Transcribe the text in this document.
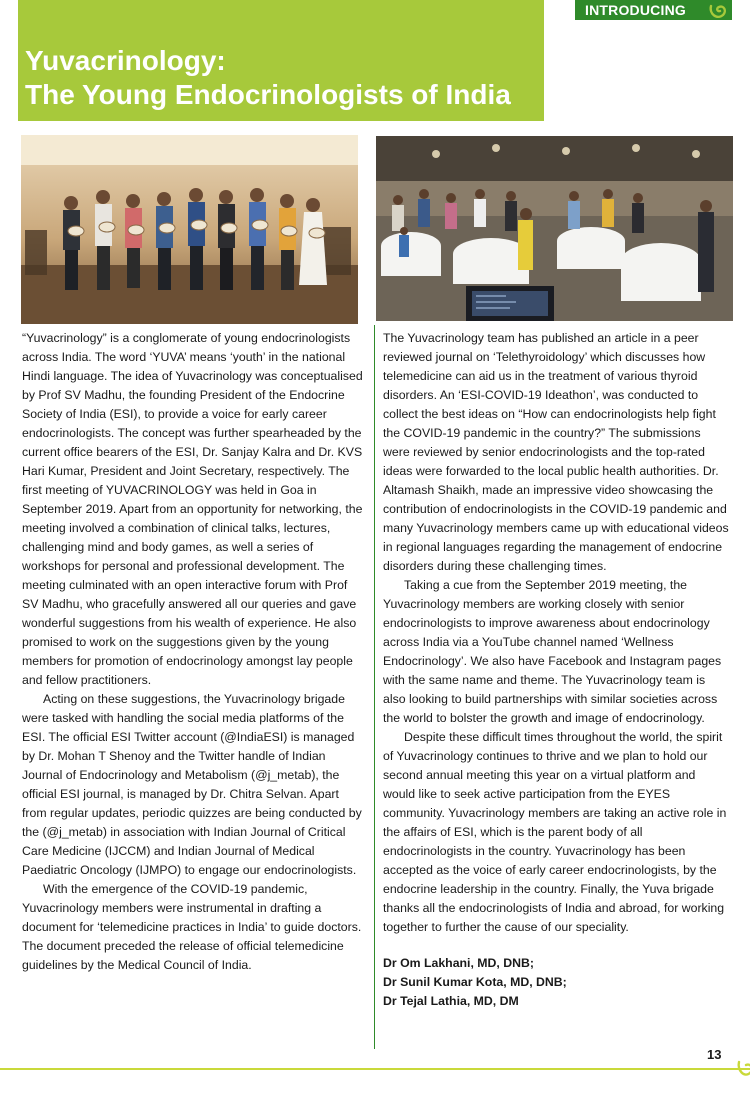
INTRODUCING
Yuvacrinology:
The Young Endocrinologists of India

“Yuvacrinology” is a conglomerate of young endocrinologists across India. The word ‘YUVA’ means ‘youth’ in the national Hindi language. The idea of Yuvacrinology was conceptualised by Prof SV Madhu, the founding President of the Endocrine Society of India (ESI), to provide a voice for early career endocrinologists. The concept was further spearheaded by the current office bearers of the ESI, Dr. Sanjay Kalra and Dr. KVS Hari Kumar, President and Joint Secretary, respectively. The first meeting of YUVACRINOLOGY was held in Goa in September 2019. Apart from an opportunity for networking, the meeting involved a combination of clinical talks, lectures, challenging mind and body games, as well a series of workshops for personal and professional development. The meeting culminated with an open interactive forum with Prof SV Madhu, who gracefully answered all our queries and gave wonderful suggestions from his wealth of experience. He also promised to work on the suggestions given by the young members for promotion of endocrinology amongst lay people and fellow practitioners.

Acting on these suggestions, the Yuvacrinology brigade were tasked with handling the social media platforms of the ESI. The official ESI Twitter account (@IndiaESI) is managed by Dr. Mohan T Shenoy and the Twitter handle of Indian Journal of Endocrinology and Metabolism (@j_metab), the official ESI journal, is managed by Dr. Chitra Selvan. Apart from regular updates, periodic quizzes are being conducted by the (@j_metab) in association with Indian Journal of Critical Care Medicine (IJCCM) and Indian Journal of Medical Paediatric Oncology (IJMPO) to engage our endocrinologists.

With the emergence of the COVID-19 pandemic, Yuvacrinology members were instrumental in drafting a document for ‘telemedicine practices in India’ to guide doctors. The document preceded the release of official telemedicine guidelines by the Medical Council of India.

The Yuvacrinology team has published an article in a peer reviewed journal on ‘Telethyroidology’ which discusses how telemedicine can aid us in the treatment of various thyroid disorders. An ‘ESI-COVID-19 Ideathon’, was conducted to collect the best ideas on “How can endocrinologists help fight the COVID-19 pandemic in the country?” The submissions were reviewed by senior endocrinologists and the top-rated ideas were forwarded to the local public health authorities. Dr. Altamash Shaikh, made an impressive video showcasing the contribution of endocrinologists in the COVID-19 pandemic and many Yuvacrinology members came up with educational videos in regional languages regarding the management of endocrine disorders during these challenging times.

Taking a cue from the September 2019 meeting, the Yuvacrinology members are working closely with senior endocrinologists to improve awareness about endocrinology across India via a YouTube channel named ‘Wellness Endocrinology’. We also have Facebook and Instagram pages with the same name and theme. The Yuvacrinology team is also looking to build partnerships with similar societies across the world to bolster the growth and image of endocrinology.

Despite these difficult times throughout the world, the spirit of Yuvacrinology continues to thrive and we plan to hold our second annual meeting this year on a virtual platform and would like to seek active participation from the EYES community. Yuvacrinology members are taking an active role in the affairs of ESI, which is the parent body of all endocrinologists in the country. Yuvacrinology has been accepted as the voice of early career endocrinologists, by the endocrine leadership in the country. Finally, the Yuva brigade thanks all the endocrinologists of India and abroad, for working together to further the cause of our speciality.

Dr Om Lakhani, MD, DNB;
Dr Sunil Kumar Kota, MD, DNB;
Dr Tejal Lathia, MD, DM
13
